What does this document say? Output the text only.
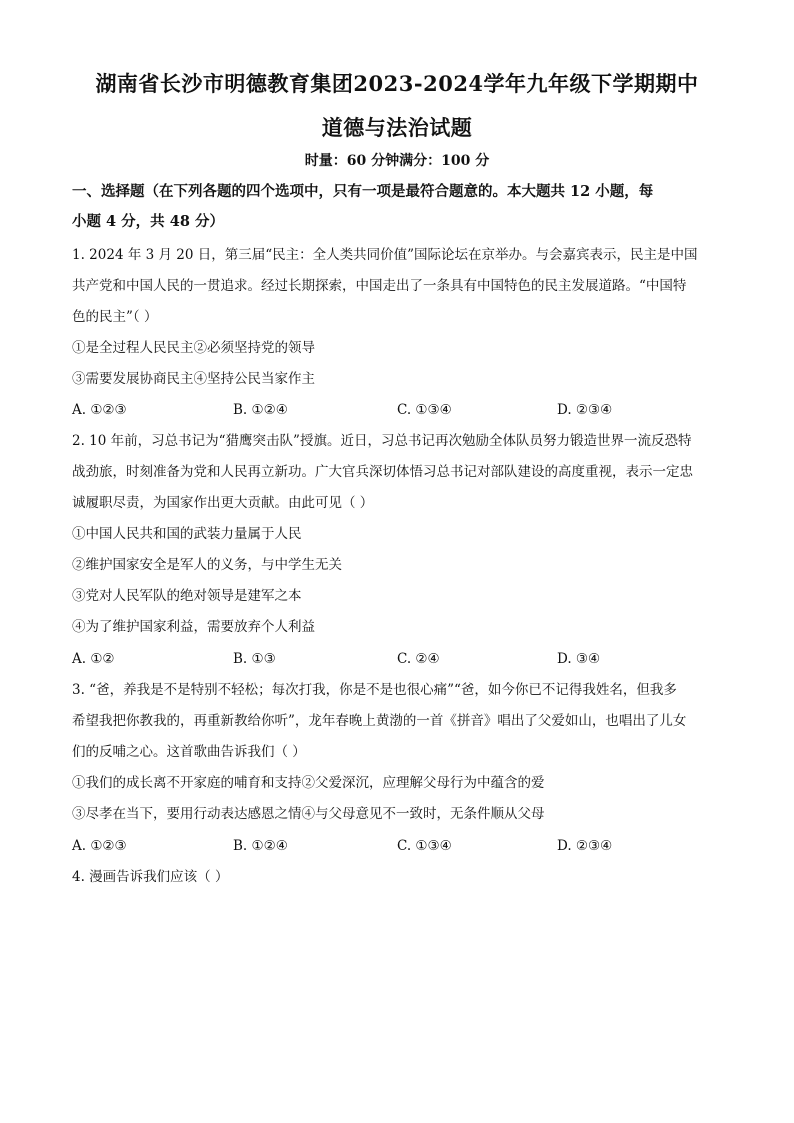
湖南省长沙市明德教育集团2023-2024学年九年级下学期期中
道德与法治试题
时量：60 分钟满分：100 分
一、选择题（在下列各题的四个选项中，只有一项是最符合题意的。本大题共 12 小题，每
小题 4 分，共 48 分）
1. 2024 年 3 月 20 日，第三届“民主：全人类共同价值”国际论坛在京举办。与会嘉宾表示，民主是中国
共产党和中国人民的一贯追求。经过长期探索，中国走出了一条具有中国特色的民主发展道路。“中国特
色的民主”（ ）
①是全过程人民民主②必须坚持党的领导
③需要发展协商民主④坚持公民当家作主
A. ①②③	B. ①②④	C. ①③④	D. ②③④
2. 10 年前，习总书记为“猎鹰突击队”授旗。近日，习总书记再次勉励全体队员努力锻造世界一流反恐特
战劲旅，时刻准备为党和人民再立新功。广大官兵深切体悟习总书记对部队建设的高度重视，表示一定忠
诚履职尽责，为国家作出更大贡献。由此可见（ ）
①中国人民共和国的武装力量属于人民
②维护国家安全是军人的义务，与中学生无关
③党对人民军队的绝对领导是建军之本
④为了维护国家利益，需要放弃个人利益
A. ①②	B. ①③	C. ②④	D. ③④
3. “爸，养我是不是特别不轻松；每次打我，你是不是也很心痛”“爸，如今你已不记得我姓名，但我多
希望我把你教我的，再重新教给你听”，龙年春晚上黄渤的一首《拼音》唱出了父爱如山，也唱出了儿女
们的反哺之心。这首歌曲告诉我们（ ）
①我们的成长离不开家庭的哺育和支持②父爱深沉，应理解父母行为中蕴含的爱
③尽孝在当下，要用行动表达感恩之情④与父母意见不一致时，无条件顺从父母
A. ①②③	B. ①②④	C. ①③④	D. ②③④
4. 漫画告诉我们应该（ ）
